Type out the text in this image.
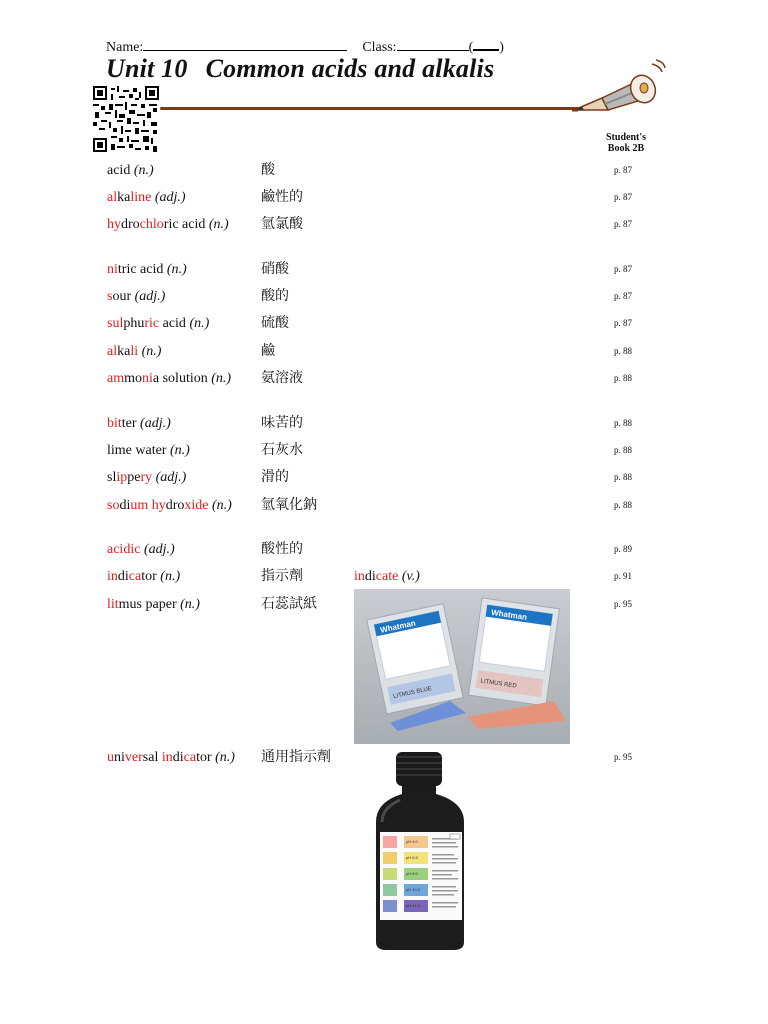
Name:	Class:	( )
Unit 10 Common acids and alkalis
Student's
Book 2B
acid (n.)	酸	p. 87
alkaline (adj.)	鹼性的	p. 87
hydrochloric acid (n.)	氫氯酸	p. 87
nitric acid (n.)	硝酸	p. 87
sour (adj.)	酸的	p. 87
sulphuric acid (n.)	硫酸	p. 87
alkali (n.)	鹼	p. 88
ammonia solution (n.)	氨溶液	p. 88
bitter (adj.)	味苦的	p. 88
lime water (n.)	石灰水	p. 88
slippery (adj.)	滑的	p. 88
sodium hydroxide (n.)	氫氧化鈉	p. 88
acidic (adj.)	酸性的	p. 89
indicator (n.)	指示劑	indicate (v.)	p. 91
litmus paper (n.)	石蕊試紙	p. 95
universal indicator (n.)	通用指示劑	p. 95
Whatman
LITMUS BLUE
Whatman
LITMUS RED
pH 4.0
pH 6.5
pH 8.0
pH 10.0
pH 11.0
